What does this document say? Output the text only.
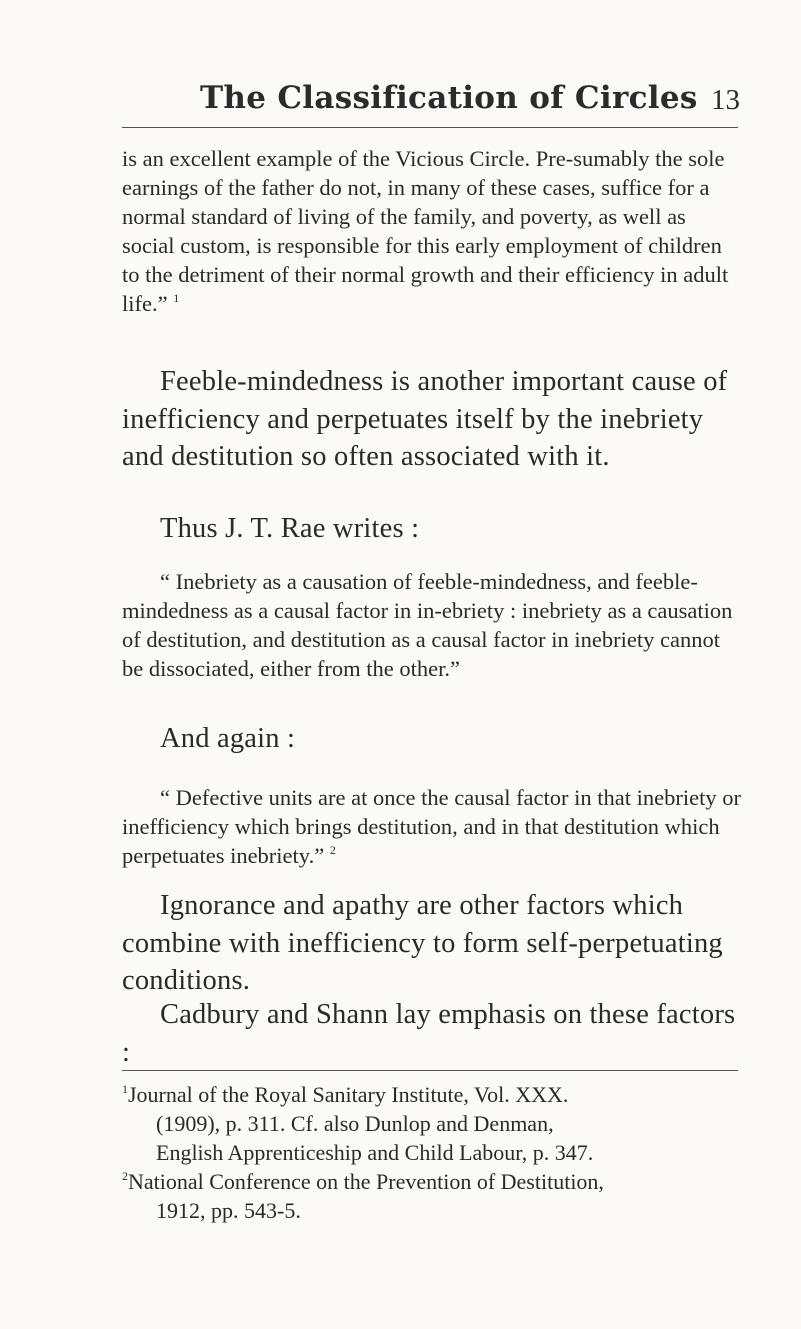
The Classification of Circles 13
is an excellent example of the Vicious Circle. Pre-sumably the sole earnings of the father do not, in many of these cases, suffice for a normal standard of living of the family, and poverty, as well as social custom, is responsible for this early employment of children to the detriment of their normal growth and their efficiency in adult life.” $^1$
Feeble-mindedness is another important cause of inefficiency and perpetuates itself by the inebriety and destitution so often associated with it.
Thus J. T. Rae writes :
“ Inebriety as a causation of feeble-mindedness, and feeble-mindedness as a causal factor in in-ebriety : inebriety as a causation of destitution, and destitution as a causal factor in inebriety cannot be dissociated, either from the other.”
And again :
“ Defective units are at once the causal factor in that inebriety or inefficiency which brings destitution, and in that destitution which perpetuates inebriety.” $^2$
Ignorance and apathy are other factors which combine with inefficiency to form self-perpetuating conditions.
Cadbury and Shann lay emphasis on these factors :
$^1$Journal of the Royal Sanitary Institute, Vol. XXX.
(1909), p. 311. Cf. also Dunlop and Denman,
English Apprenticeship and Child Labour, p. 347.
$^2$National Conference on the Prevention of Destitution,
1912, pp. 543-5.
